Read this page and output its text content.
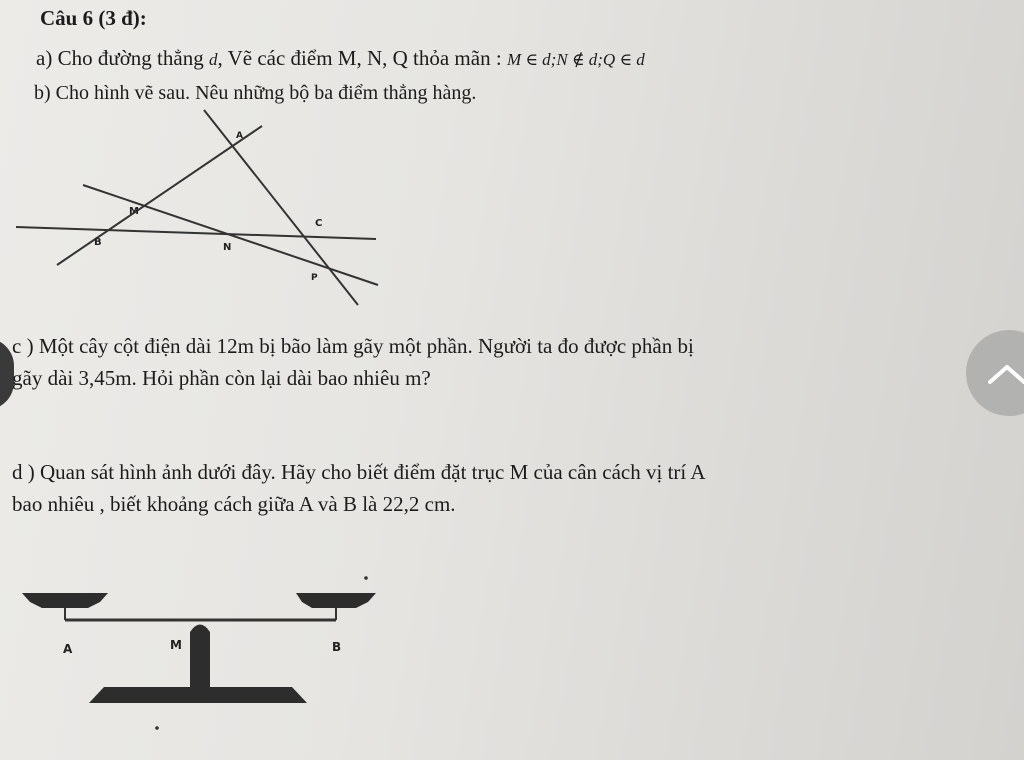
Câu 6 (3 đ):
a) Cho đường thẳng d, Vẽ các điểm M, N, Q thỏa mãn : M ∈ d;N ∉ d;Q ∈ d
b) Cho hình vẽ sau. Nêu những bộ ba điểm thẳng hàng.
A
M
B	N
C
P
c ) Một cây cột điện dài 12m bị bão làm gãy một phần. Người ta đo được phần bị
gãy dài 3,45m. Hỏi phần còn lại dài bao nhiêu m?
d ) Quan sát hình ảnh dưới đây. Hãy cho biết điểm đặt trục M của cân cách vị trí A
bao nhiêu , biết khoảng cách giữa A và B là 22,2 cm.
A	M	B
